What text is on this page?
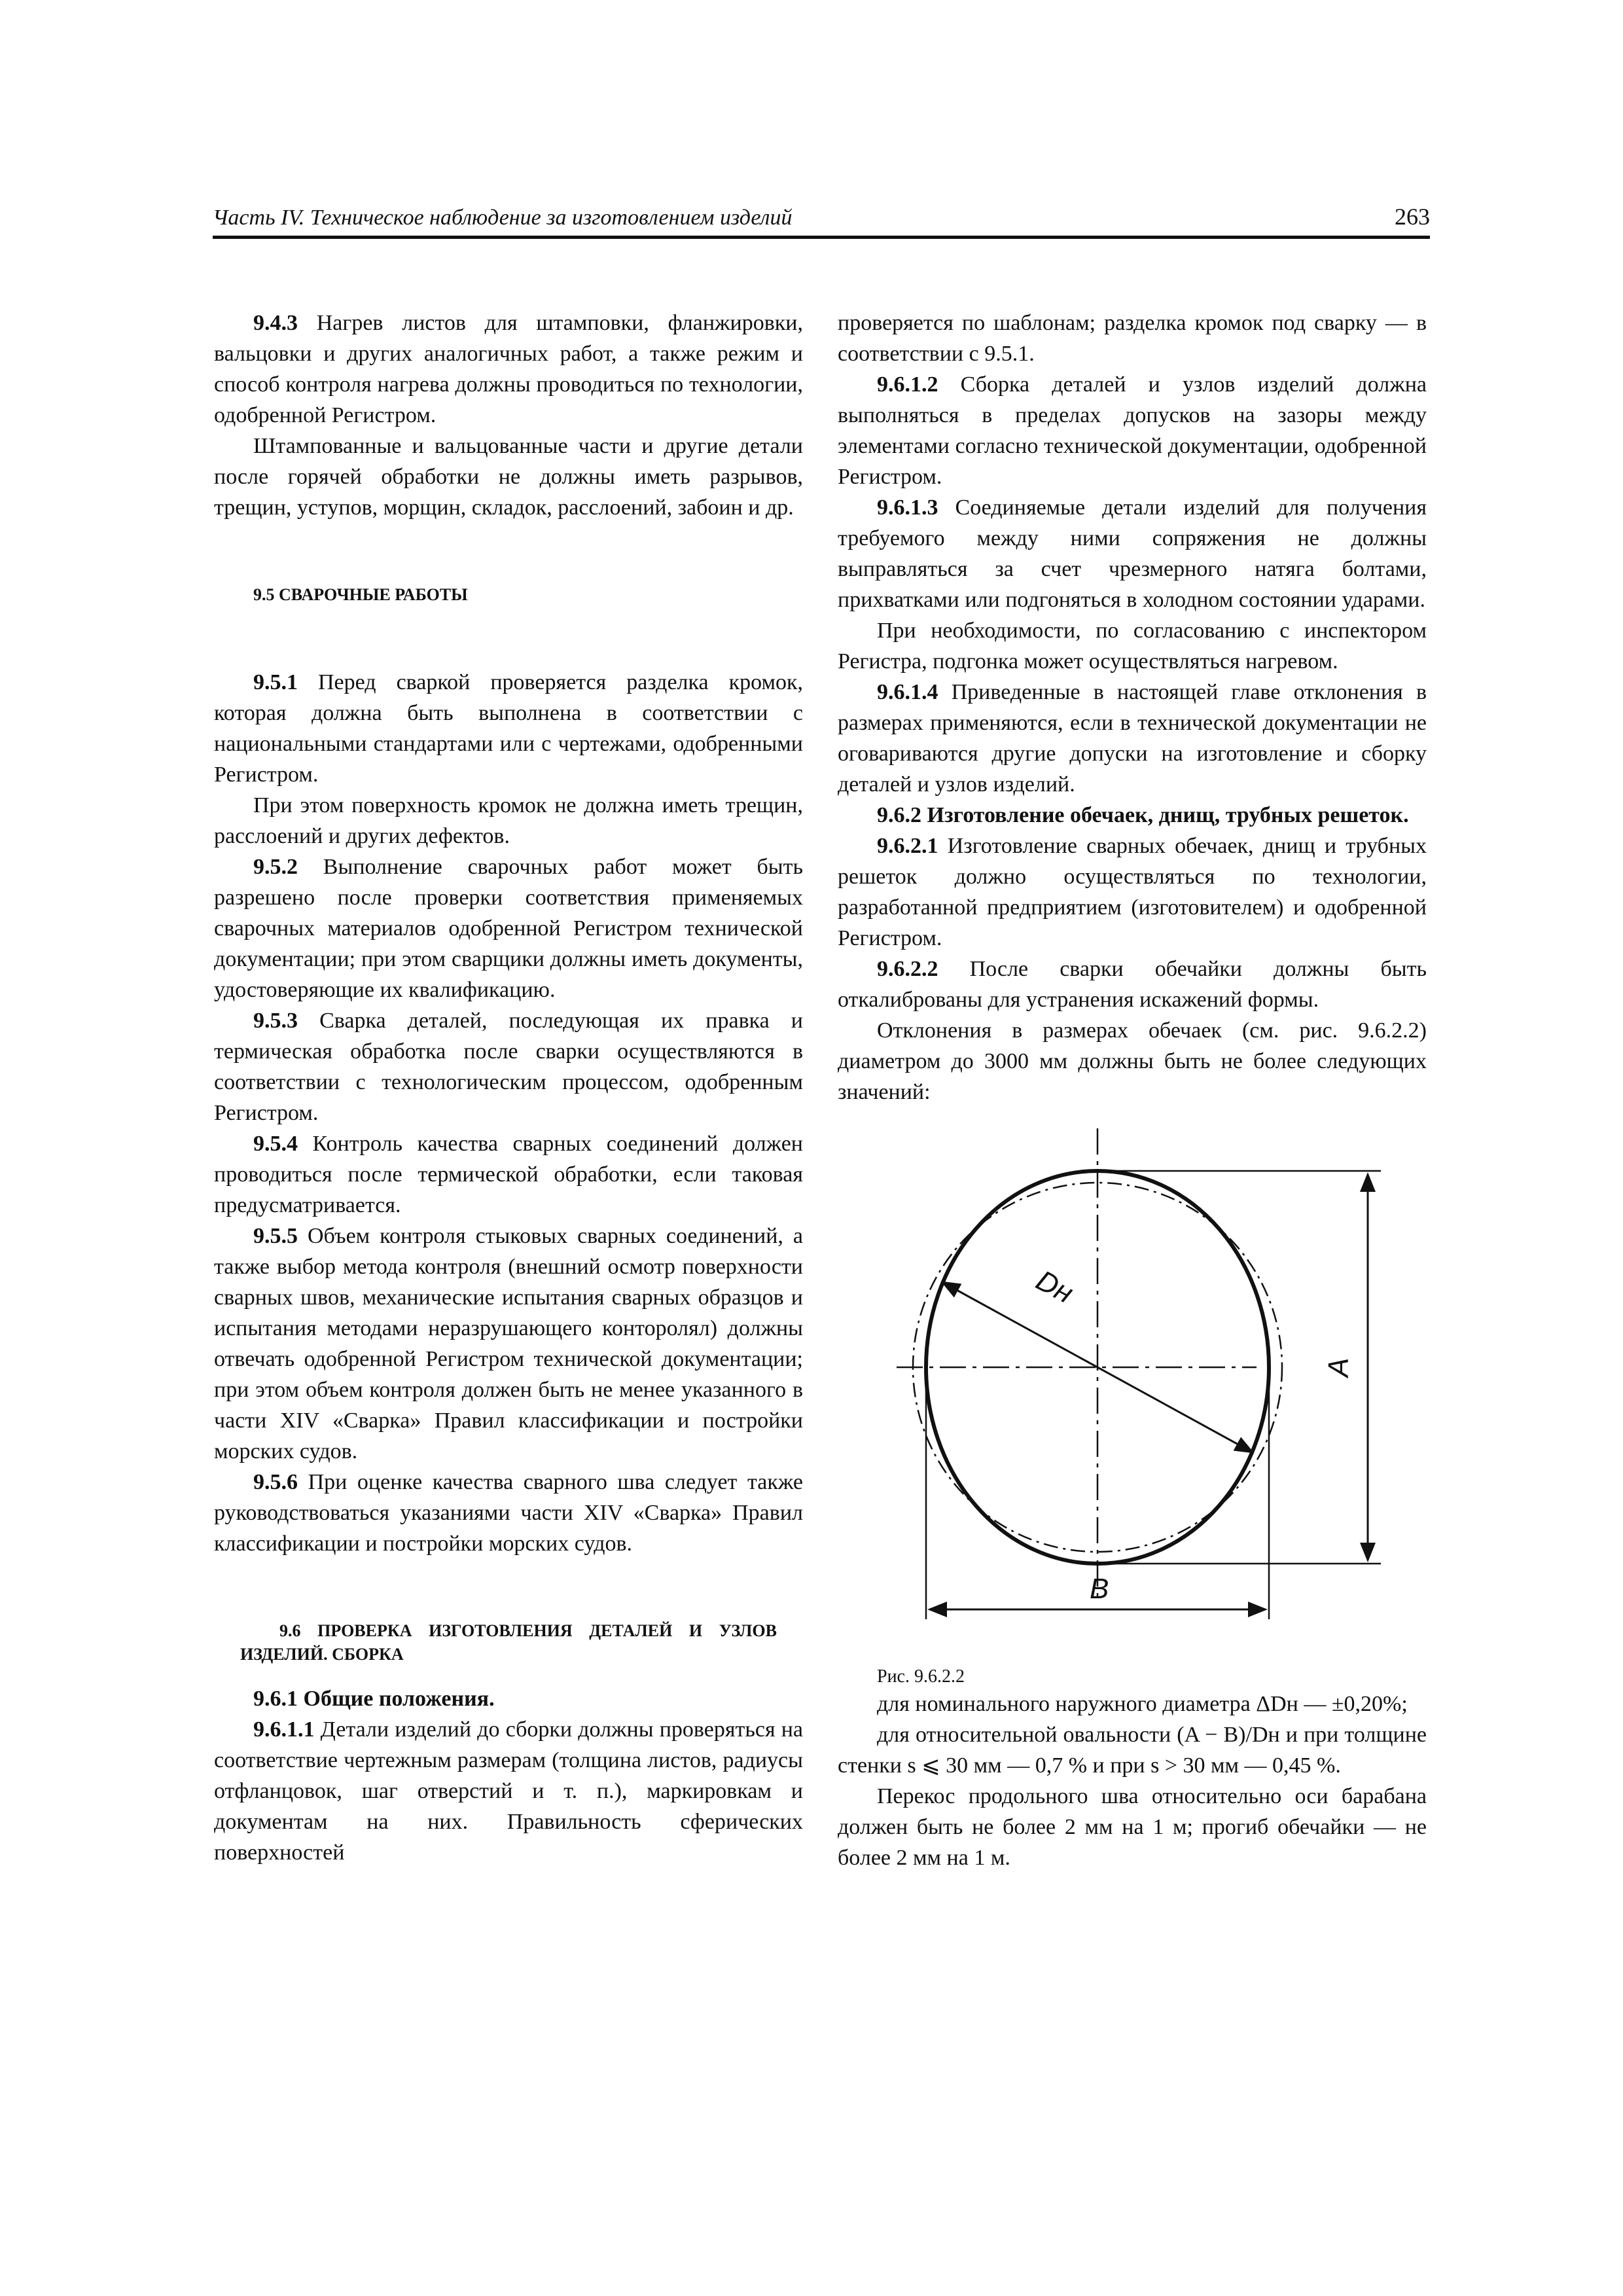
Часть IV. Техническое наблюдение за изготовлением изделий	263

9.4.3 Нагрев листов для штамповки, фланжировки, вальцовки и других аналогичных работ, а также режим и способ контроля нагрева должны проводиться по технологии, одобренной Регистром.

Штампованные и вальцованные части и другие детали после горячей обработки не должны иметь разрывов, трещин, уступов, морщин, складок, расслоений, забоин и др.

9.5 СВАРОЧНЫЕ РАБОТЫ

9.5.1 Перед сваркой проверяется разделка кромок, которая должна быть выполнена в соответствии с национальными стандартами или с чертежами, одобренными Регистром.

При этом поверхность кромок не должна иметь трещин, расслоений и других дефектов.

9.5.2 Выполнение сварочных работ может быть разрешено после проверки соответствия применяемых сварочных материалов одобренной Регистром технической документации; при этом сварщики должны иметь документы, удостоверяющие их квалификацию.

9.5.3 Сварка деталей, последующая их правка и термическая обработка после сварки осуществляются в соответствии с технологическим процессом, одобренным Регистром.

9.5.4 Контроль качества сварных соединений должен проводиться после термической обработки, если таковая предусматривается.

9.5.5 Объем контроля стыковых сварных соединений, а также выбор метода контроля (внешний осмотр поверхности сварных швов, механические испытания сварных образцов и испытания методами неразрушающего конторолял) должны отвечать одобренной Регистром технической документации; при этом объем контроля должен быть не менее указанного в части XIV «Сварка» Правил классификации и постройки морских судов.

9.5.6 При оценке качества сварного шва следует также руководствоваться указаниями части XIV «Сварка» Правил классификации и постройки морских судов.

9.6 ПРОВЕРКА ИЗГОТОВЛЕНИЯ ДЕТАЛЕЙ И УЗЛОВ ИЗДЕЛИЙ. СБОРКА

9.6.1 Общие положения.

9.6.1.1 Детали изделий до сборки должны проверяться на соответствие чертежным размерам (толщина листов, радиусы отфланцовок, шаг отверстий и т. п.), маркировкам и документам на них. Правильность сферических поверхностей

проверяется по шаблонам; разделка кромок под сварку — в соответствии с 9.5.1.

9.6.1.2 Сборка деталей и узлов изделий должна выполняться в пределах допусков на зазоры между элементами согласно технической документации, одобренной Регистром.

9.6.1.3 Соединяемые детали изделий для получения требуемого между ними сопряжения не должны выправляться за счет чрезмерного натяга болтами, прихватками или подгоняться в холодном состоянии ударами.

При необходимости, по согласованию с инспектором Регистра, подгонка может осуществляться нагревом.

9.6.1.4 Приведенные в настоящей главе отклонения в размерах применяются, если в технической документации не оговариваются другие допуски на изготовление и сборку деталей и узлов изделий.

9.6.2 Изготовление обечаек, днищ, трубных решеток.

9.6.2.1 Изготовление сварных обечаек, днищ и трубных решеток должно осуществляться по технологии, разработанной предприятием (изготовителем) и одобренной Регистром.

9.6.2.2 После сварки обечайки должны быть откалиброваны для устранения искажений формы.

Отклонения в размерах обечаек (см. рис. 9.6.2.2) диаметром до 3000 мм должны быть не более следующих значений:

Dн
A
B

Рис. 9.6.2.2

для номинального наружного диаметра ΔDн — ±0,20%;

для относительной овальности (A − B)/Dн и при толщине стенки s ⩽ 30 мм — 0,7 % и при s > 30 мм — 0,45 %.

Перекос продольного шва относительно оси барабана должен быть не более 2 мм на 1 м; прогиб обечайки — не более 2 мм на 1 м.
